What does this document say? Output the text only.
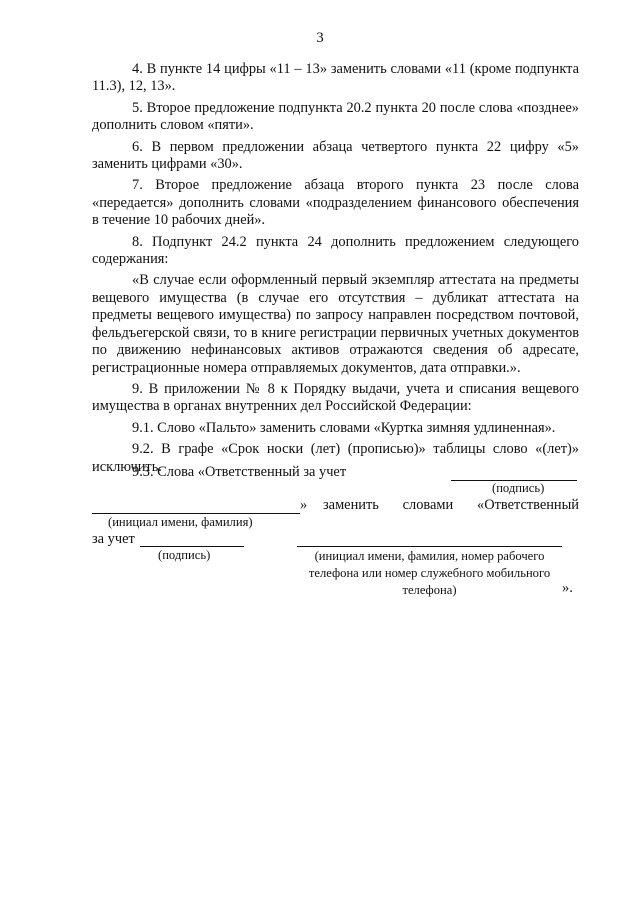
3

4. В пункте 14 цифры «11 – 13» заменить словами «11 (кроме подпункта 11.3), 12, 13».

5. Второе предложение подпункта 20.2 пункта 20 после слова «позднее» дополнить словом «пяти».

6. В первом предложении абзаца четвертого пункта 22 цифру «5» заменить цифрами «30».

7. Второе предложение абзаца второго пункта 23 после слова «передается» дополнить словами «подразделением финансового обеспечения в течение 10 рабочих дней».

8. Подпункт 24.2 пункта 24 дополнить предложением следующего содержания:

«В случае если оформленный первый экземпляр аттестата на предметы вещевого имущества (в случае его отсутствия – дубликат аттестата на предметы вещевого имущества) по запросу направлен посредством почтовой, фельдъегерской связи, то в книге регистрации первичных учетных документов по движению нефинансовых активов отражаются сведения об адресате, регистрационные номера отправляемых документов, дата отправки.».

9. В приложении № 8 к Порядку выдачи, учета и списания вещевого имущества в органах внутренних дел Российской Федерации:

9.1. Слово «Пальто» заменить словами «Куртка зимняя удлиненная».

9.2. В графе «Срок носки (лет) (прописью)» таблицы слово «(лет)» исключить.

9.3. Слова «Ответственный за учет
(подпись)
» заменить словами «Ответственный
(инициал имени, фамилия)
за учет
(подпись)	(инициал имени, фамилия, номер рабочего телефона или номер служебного мобильного телефона)	».
